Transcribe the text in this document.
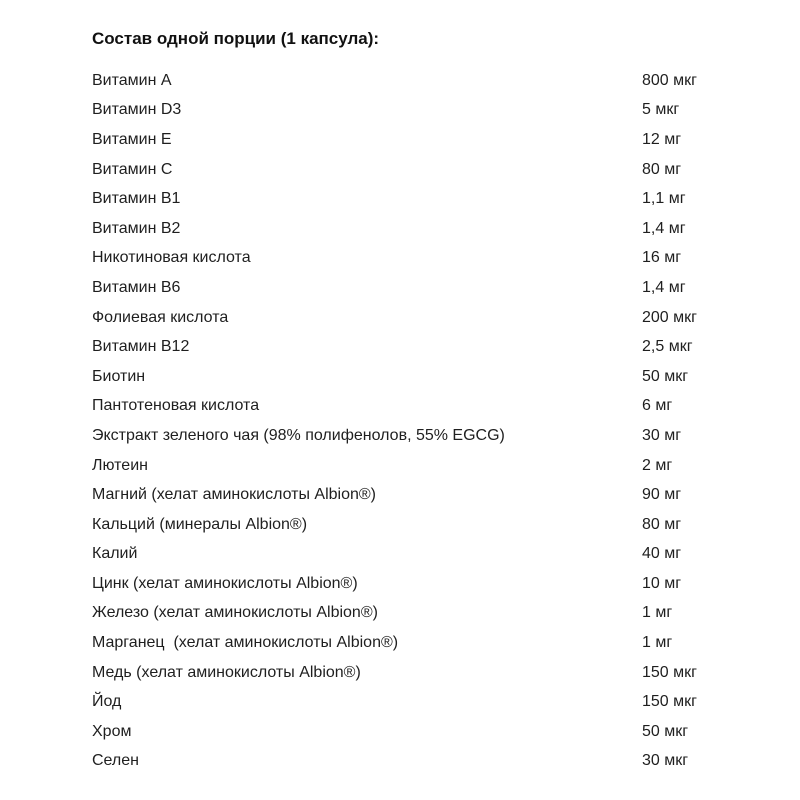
Состав одной порции (1 капсула):
Витамин А	800 мкг
Витамин D3	5 мкг
Витамин Е	12 мг
Витамин С	80 мг
Витамин В1	1,1 мг
Витамин В2	1,4 мг
Никотиновая кислота	16 мг
Витамин В6	1,4 мг
Фолиевая кислота	200 мкг
Витамин В12	2,5 мкг
Биотин	50 мкг
Пантотеновая кислота	6 мг
Экстракт зеленого чая (98% полифенолов, 55% EGCG)	30 мг
Лютеин	2 мг
Магний (хелат аминокислоты Albion®)	90 мг
Кальций (минералы Albion®)	80 мг
Калий	40 мг
Цинк (хелат аминокислоты Albion®)	10 мг
Железо (хелат аминокислоты Albion®)	1 мг
Марганец  (хелат аминокислоты Albion®)	1 мг
Медь (хелат аминокислоты Albion®)	150 мкг
Йод	150 мкг
Хром	50 мкг
Селен	30 мкг
